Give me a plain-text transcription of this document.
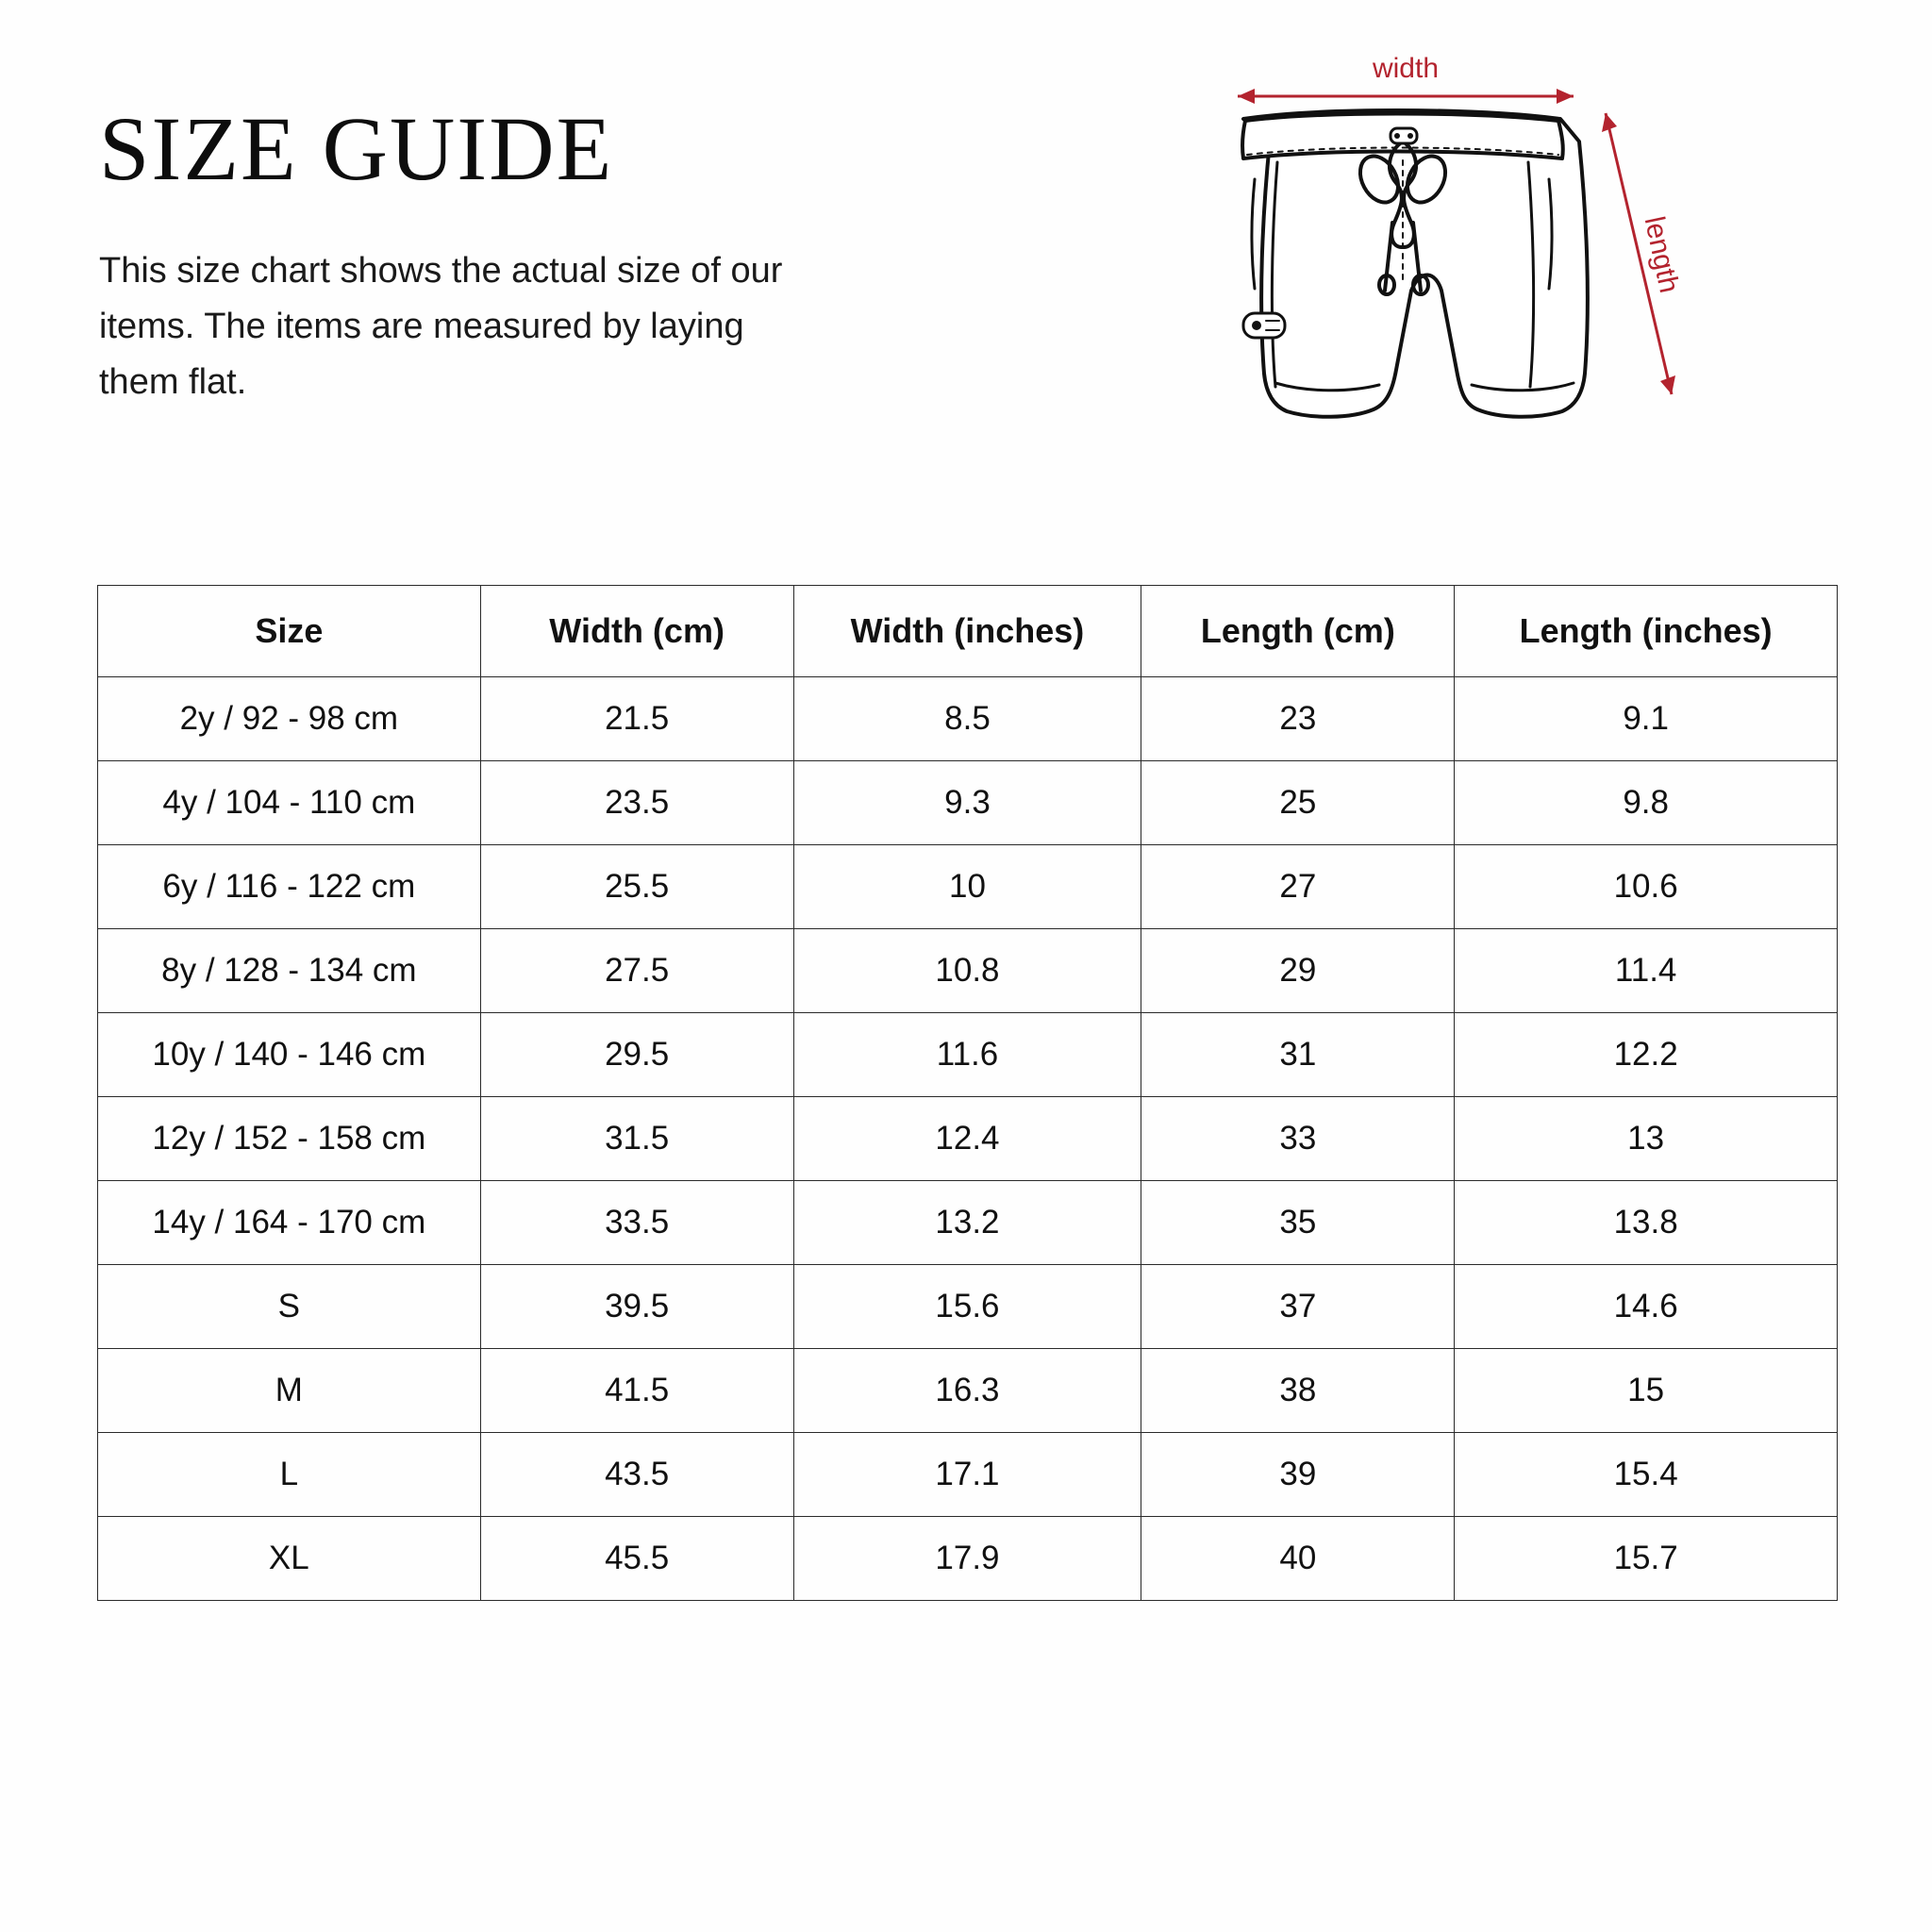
SIZE GUIDE

This size chart shows the actual size of our items. The items are measured by laying them flat.

width
length
Size	Width (cm)	Width (inches)	Length (cm)	Length (inches)
2y / 92 - 98 cm	21.5	8.5	23	9.1
4y / 104 - 110 cm	23.5	9.3	25	9.8
6y / 116 - 122 cm	25.5	10	27	10.6
8y / 128 - 134 cm	27.5	10.8	29	11.4
10y / 140 - 146 cm	29.5	11.6	31	12.2
12y / 152 - 158 cm	31.5	12.4	33	13
14y / 164 - 170 cm	33.5	13.2	35	13.8
S	39.5	15.6	37	14.6
M	41.5	16.3	38	15
L	43.5	17.1	39	15.4
XL	45.5	17.9	40	15.7
